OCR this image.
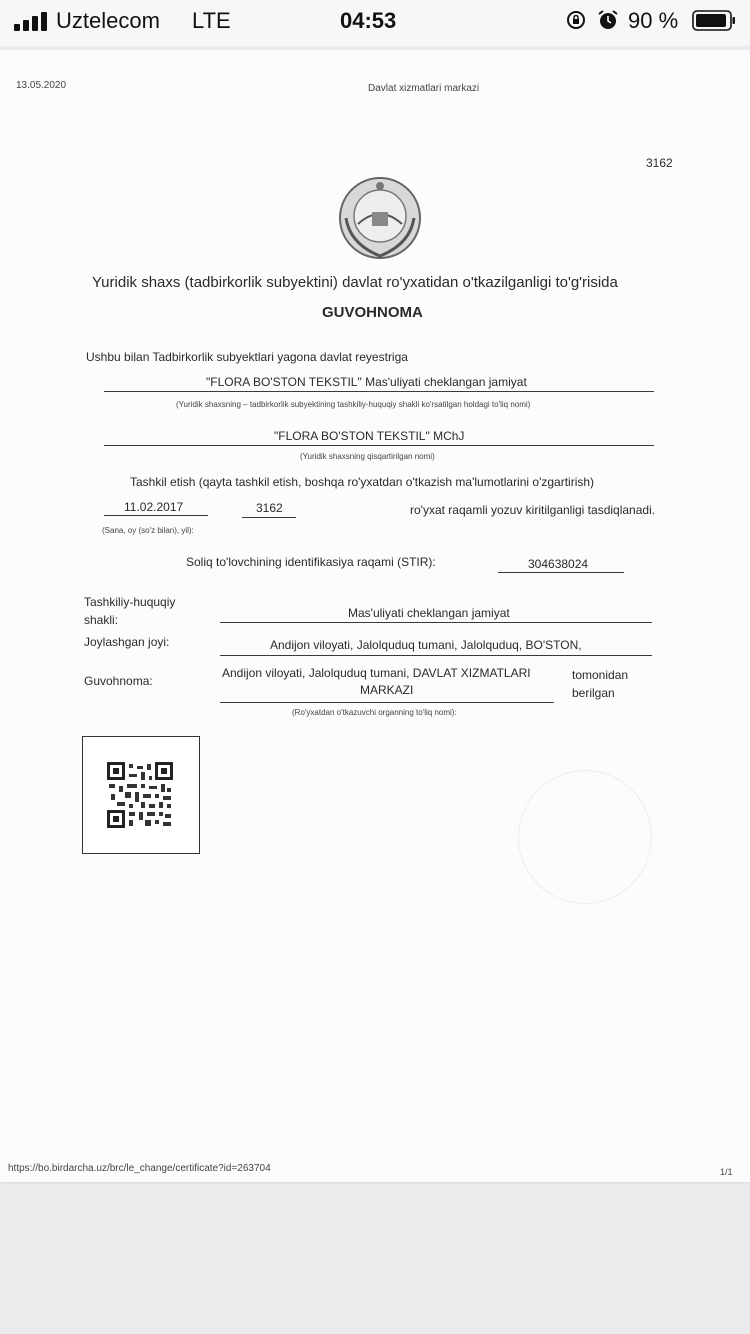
Uztelecom LTE	04:53	90 %
13.05.2020	Davlat xizmatlari markazi
3162
Yuridik shaxs (tadbirkorlik subyektini) davlat ro'yxatidan o'tkazilganligi to'g'risida
GUVOHNOMA
Ushbu bilan Tadbirkorlik subyektlari yagona davlat reyestriga
"FLORA BO'STON TEKSTIL" Mas'uliyati cheklangan jamiyat
(Yuridik shaxsning – tadbirkorlik subyektining tashkiliy-huquqiy shakli ko'rsatilgan holdagi to'liq nomi)
"FLORA BO'STON TEKSTIL" MChJ
(Yuridik shaxsning qisqartirilgan nomi)
Tashkil etish (qayta tashkil etish, boshqa ro'yxatdan o'tkazish ma'lumotlarini o'zgartirish)
11.02.2017	3162	ro'yxat raqamli yozuv kiritilganligi tasdiqlanadi.
(Sana, oy (so'z bilan), yil):
Soliq to'lovchining identifikasiya raqami (STIR):	304638024
Tashkiliy-huquqiy
shakli:	Mas'uliyati cheklangan jamiyat
Joylashgan joyi:	Andijon viloyati, Jalolquduq tumani, Jalolquduq, BO'STON,
Guvohnoma:
Andijon viloyati, Jalolquduq tumani, DAVLAT XIZMATLARI
MARKAZI
tomonidan
berilgan
(Ro'yxatdan o'tkazuvchi organning to'liq nomi):
https://bo.birdarcha.uz/brc/le_change/certificate?id=263704	1/1
